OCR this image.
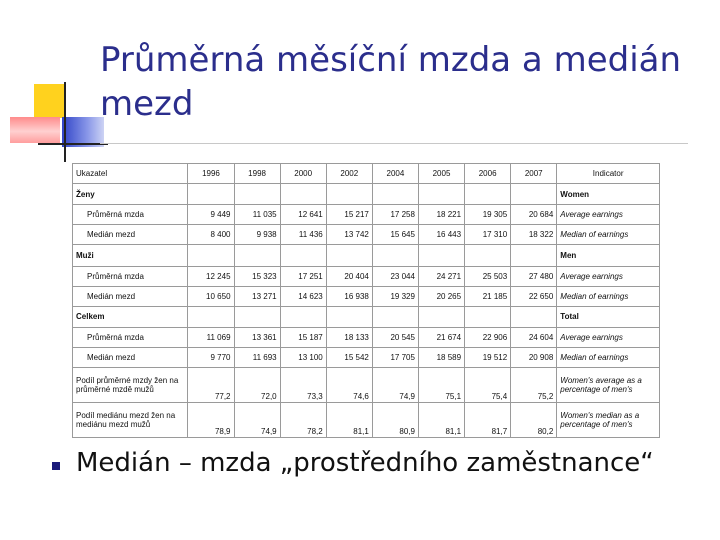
Průměrná měsíční mzda a medián mezd
Ukazatel	1996	1998	2000	2002	2004	2005	2006	2007	Indicator
Ženy									Women
Průměrná mzda	9 449	11 035	12 641	15 217	17 258	18 221	19 305	20 684	Average earnings
Medián mezd	8 400	9 938	11 436	13 742	15 645	16 443	17 310	18 322	Median of earnings
Muži									Men
Průměrná mzda	12 245	15 323	17 251	20 404	23 044	24 271	25 503	27 480	Average earnings
Medián mezd	10 650	13 271	14 623	16 938	19 329	20 265	21 185	22 650	Median of earnings
Celkem									Total
Průměrná mzda	11 069	13 361	15 187	18 133	20 545	21 674	22 906	24 604	Average earnings
Medián mezd	9 770	11 693	13 100	15 542	17 705	18 589	19 512	20 908	Median of earnings
Podíl průměrné mzdy žen na průměrné mzdě mužů	77,2	72,0	73,3	74,6	74,9	75,1	75,4	75,2	Women's average as a percentage of men's
Podíl mediánu mezd žen na mediánu mezd mužů	78,9	74,9	78,2	81,1	80,9	81,1	81,7	80,2	Women's median as a percentage of men's
Medián – mzda „prostředního zaměstnance“
